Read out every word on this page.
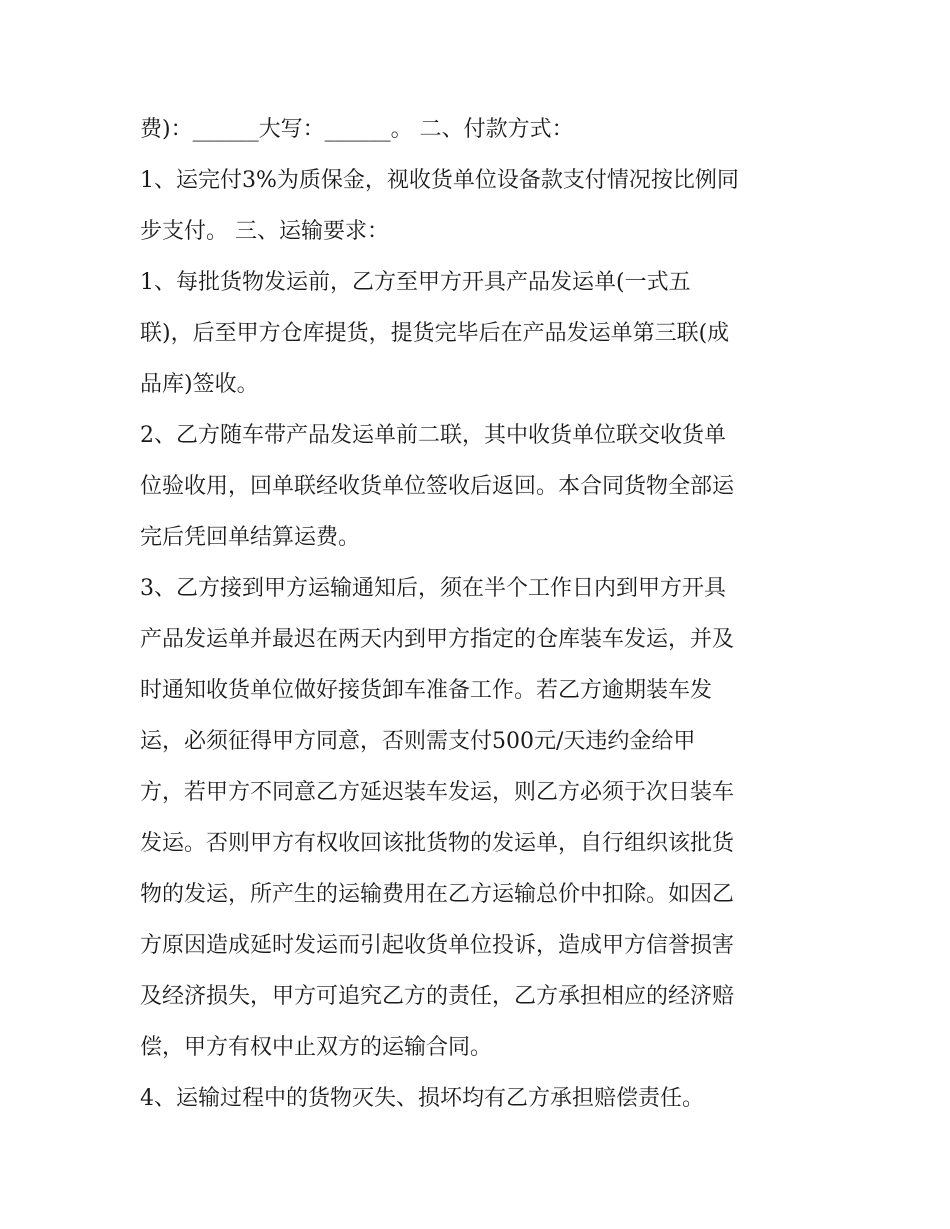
费)：______大写：______。 二、付款方式：
1、运完付3%为质保金，视收货单位设备款支付情况按比例同
步支付。 三、运输要求：
1、每批货物发运前，乙方至甲方开具产品发运单(一式五
联)，后至甲方仓库提货，提货完毕后在产品发运单第三联(成
品库)签收。
2、乙方随车带产品发运单前二联，其中收货单位联交收货单
位验收用，回单联经收货单位签收后返回。本合同货物全部运
完后凭回单结算运费。
3、乙方接到甲方运输通知后，须在半个工作日内到甲方开具
产品发运单并最迟在两天内到甲方指定的仓库装车发运，并及
时通知收货单位做好接货卸车准备工作。若乙方逾期装车发
运，必须征得甲方同意，否则需支付500元/天违约金给甲
方，若甲方不同意乙方延迟装车发运，则乙方必须于次日装车
发运。否则甲方有权收回该批货物的发运单，自行组织该批货
物的发运，所产生的运输费用在乙方运输总价中扣除。如因乙
方原因造成延时发运而引起收货单位投诉，造成甲方信誉损害
及经济损失，甲方可追究乙方的责任，乙方承担相应的经济赔
偿，甲方有权中止双方的运输合同。
4、运输过程中的货物灭失、损坏均有乙方承担赔偿责任。
